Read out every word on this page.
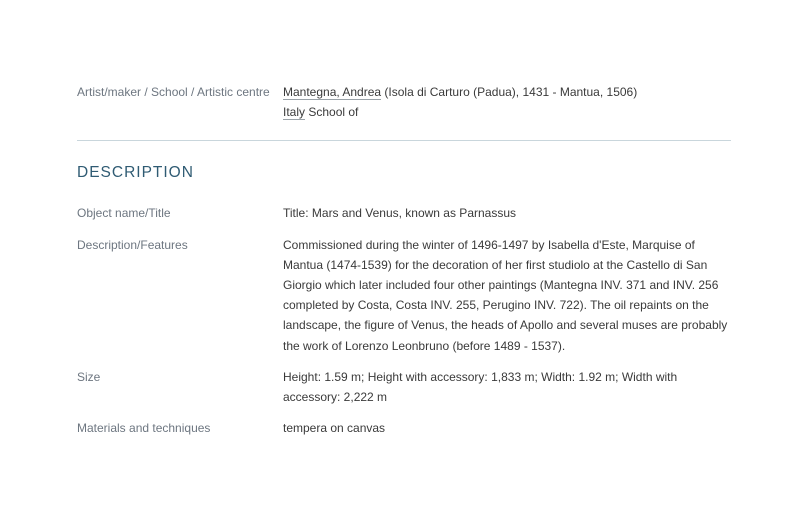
Artist/maker / School / Artistic centre	Mantegna, Andrea (Isola di Carturo (Padua), 1431 - Mantua, 1506)
Italy School of
DESCRIPTION
Object name/Title	Title: Mars and Venus, known as Parnassus
Description/Features	Commissioned during the winter of 1496-1497 by Isabella d'Este, Marquise of Mantua (1474-1539) for the decoration of her first studiolo at the Castello di San Giorgio which later included four other paintings (Mantegna INV. 371 and INV. 256 completed by Costa, Costa INV. 255, Perugino INV. 722). The oil repaints on the landscape, the figure of Venus, the heads of Apollo and several muses are probably the work of Lorenzo Leonbruno (before 1489 - 1537).
Size	Height: 1.59 m; Height with accessory: 1,833 m; Width: 1.92 m; Width with accessory: 2,222 m
Materials and techniques	tempera on canvas
